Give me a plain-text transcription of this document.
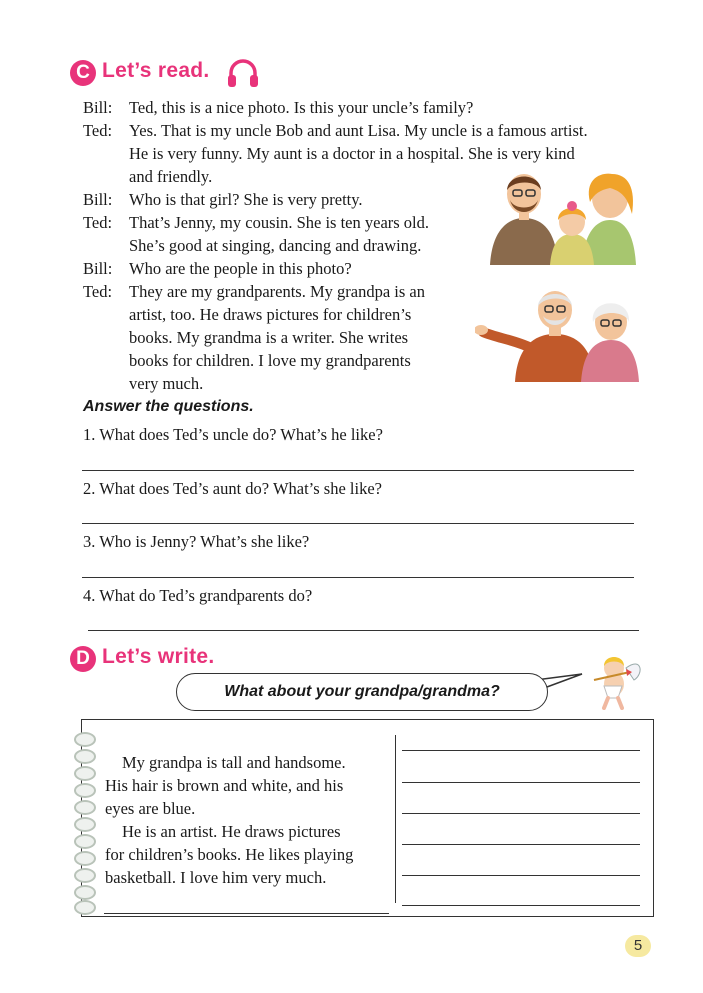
C Let’s read.
Bill:	Ted, this is a nice photo. Is this your uncle’s family?
Ted:	Yes. That is my uncle Bob and aunt Lisa. My uncle is a famous artist.
He is very funny. My aunt is a doctor in a hospital. She is very kind
and friendly.
Bill:	Who is that girl? She is very pretty.
Ted:	That’s Jenny, my cousin. She is ten years old.
She’s good at singing, dancing and drawing.
Bill:	Who are the people in this photo?
Ted:	They are my grandparents. My grandpa is an
artist, too. He draws pictures for children’s
books. My grandma is a writer. She writes
books for children. I love my grandparents
very much.
Answer the questions.
1. What does Ted’s uncle do? What’s he like?
2. What does Ted’s aunt do? What’s she like?
3. Who is Jenny? What’s she like?
4. What do Ted’s grandparents do?
D Let’s write.
What about your grandpa/grandma?
My grandpa is tall and handsome.
His hair is brown and white, and his
eyes are blue.
He is an artist. He draws pictures
for children’s books. He likes playing
basketball. I love him very much.
5
